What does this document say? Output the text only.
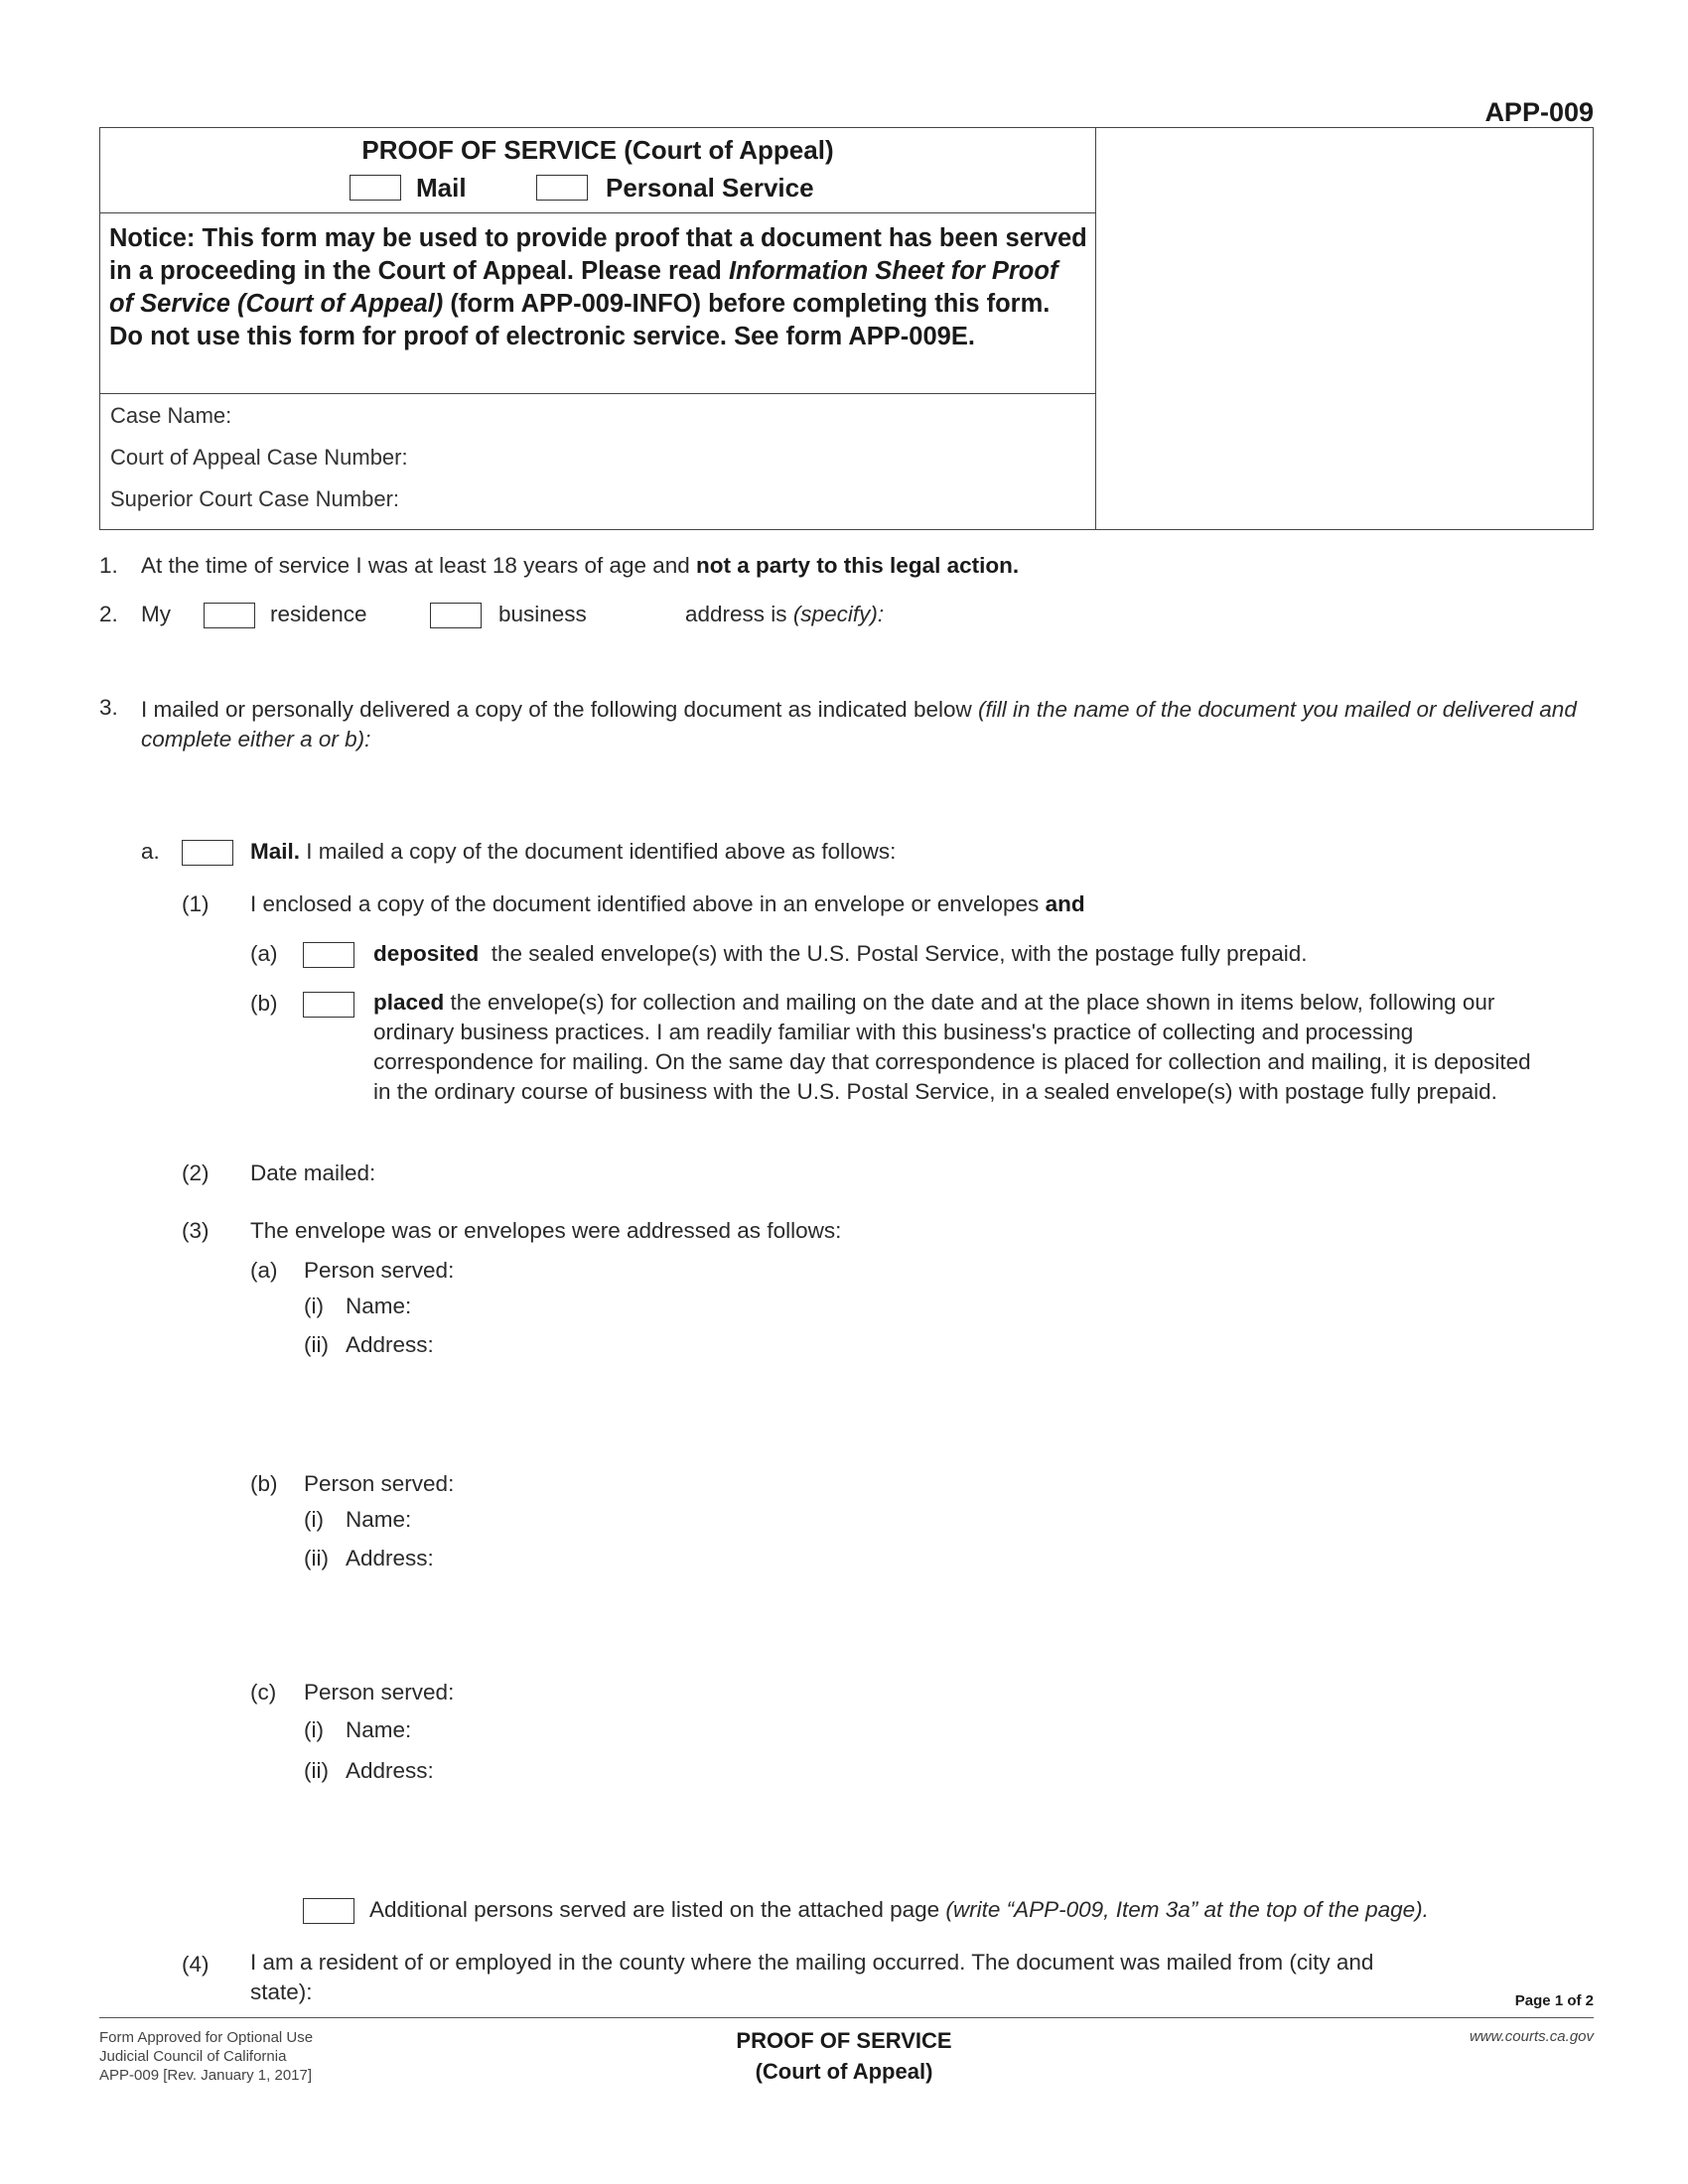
APP-009
PROOF OF SERVICE (Court of Appeal)
Mail	Personal Service
Notice: This form may be used to provide proof that a document has been served in a proceeding in the Court of Appeal. Please read Information Sheet for Proof of Service (Court of Appeal) (form APP-009-INFO) before completing this form. Do not use this form for proof of electronic service. See form APP-009E.
Case Name:
Court of Appeal Case Number:
Superior Court Case Number:
1. At the time of service I was at least 18 years of age and not a party to this legal action.
2. My	residence	business	address is (specify):
3. I mailed or personally delivered a copy of the following document as indicated below (fill in the name of the document you mailed or delivered and complete either a or b):
a.	Mail. I mailed a copy of the document identified above as follows:
(1) I enclosed a copy of the document identified above in an envelope or envelopes and
(a)	deposited  the sealed envelope(s) with the U.S. Postal Service, with the postage fully prepaid.
(b)	placed the envelope(s) for collection and mailing on the date and at the place shown in items below, following our ordinary business practices. I am readily familiar with this business's practice of collecting and processing correspondence for mailing. On the same day that correspondence is placed for collection and mailing, it is deposited in the ordinary course of business with the U.S. Postal Service, in a sealed envelope(s) with postage fully prepaid.
(2) Date mailed:
(3) The envelope was or envelopes were addressed as follows:
(a) Person served:
(i) Name:
(ii) Address:
(b) Person served:
(i) Name:
(ii) Address:
(c) Person served:
(i) Name:
(ii) Address:
Additional persons served are listed on the attached page (write “APP-009, Item 3a” at the top of the page).
(4) I am a resident of or employed in the county where the mailing occurred. The document was mailed from (city and state):	Page 1 of 2
Form Approved for Optional Use
Judicial Council of California
APP-009 [Rev. January 1, 2017]
PROOF OF SERVICE
(Court of Appeal)
www.courts.ca.gov
